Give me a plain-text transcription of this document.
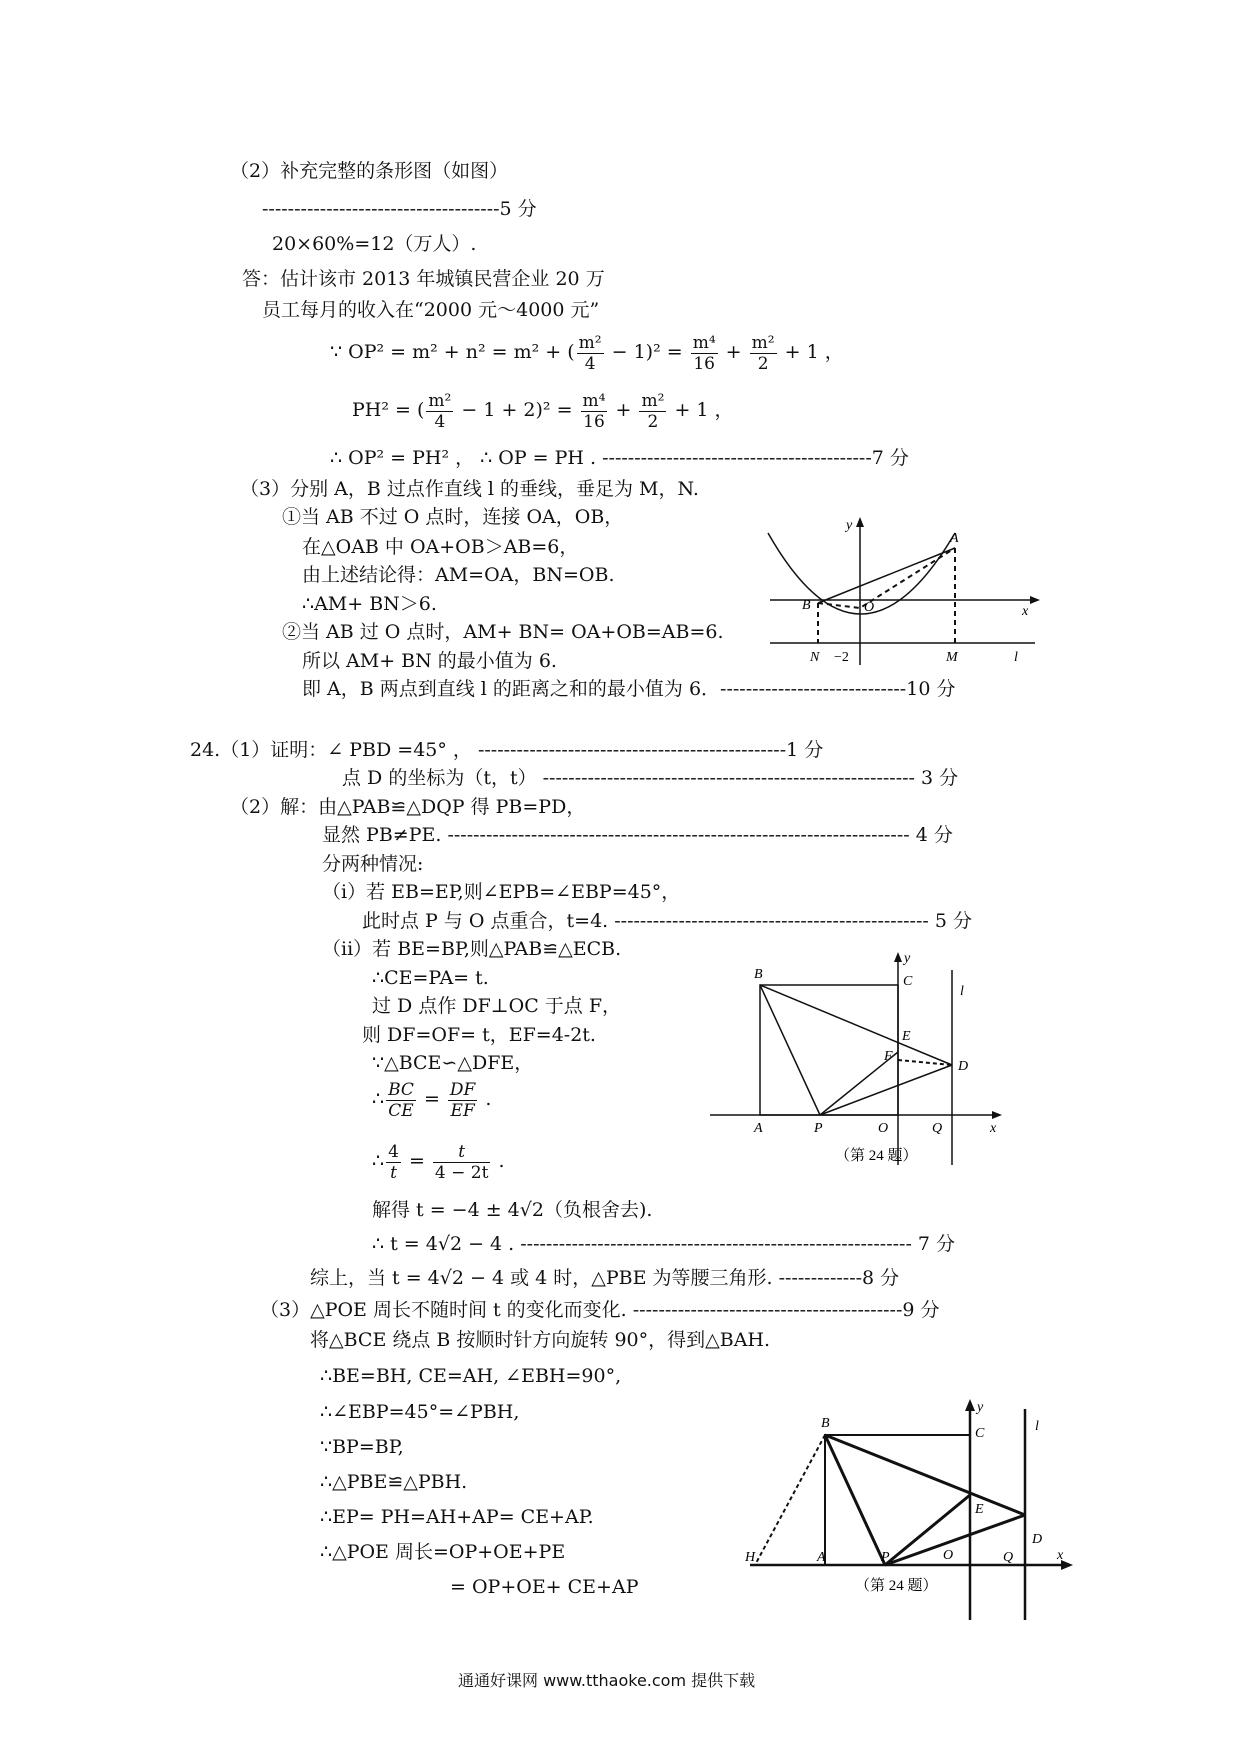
（2）补充完整的条形图（如图）
-------------------------------------5 分
20×60%=12（万人）.
答：估计该市 2013 年城镇民营企业 20 万
员工每月的收入在“2000 元～4000 元”
∵ OP² = m² + n² = m² + ( $\frac{\text{m²}}{4} - 1)^2 = \frac{\text{m⁴}}{16} + \frac{\text{m²}}{2} + 1$ ，
PH² = ( $\frac{\text{m²}}{4} - 1 + 2)^2 = \frac{\text{m⁴}}{16} + \frac{\text{m²}}{2} + 1$ ，
∴ OP² = PH² ， ∴ OP = PH . ------------------------------------------7 分
（3）分别 A，B 过点作直线 l 的垂线，垂足为 M，N.
①当 AB 不过 O 点时，连接 OA，OB，
在△OAB 中 OA+OB＞AB=6，
由上述结论得：AM=OA，BN=OB.
∴AM+ BN＞6.
②当 AB 过 O 点时，AM+ BN= OA+OB=AB=6.
所以 AM+ BN 的最小值为 6.
即 A，B 两点到直线 l 的距离之和的最小值为 6．-----------------------------10 分
24.（1）证明：∠ PBD =45° ， ------------------------------------------------1 分
点 D 的坐标为（t，t） ---------------------------------------------------------- 3 分
（2）解：由△PAB≌△DQP 得 PB=PD，
显然 PB≠PE. ------------------------------------------------------------------------ 4 分
分两种情况:
（i）若 EB=EP,则∠EPB=∠EBP=45°，
此时点 P 与 O 点重合，t=4. ------------------------------------------------- 5 分
（ii）若 BE=BP,则△PAB≌△ECB.
∴CE=PA= t.
过 D 点作 DF⊥OC 于点 F，
则 DF=OF= t，EF=4-2t.
∵△BCE∽△DFE，
∴ $\frac{BC}{CE} = \frac{DF}{EF}$ .
∴ $\frac{4}{t} = \frac{t}{4 - 2t}$ .
解得 t = −4 ± 4√2（负根舍去).
∴ t = 4√2 − 4 . ------------------------------------------------------------- 7 分
综上，当 t = 4√2 − 4 或 4 时，△PBE 为等腰三角形. -------------8 分
（3）△POE 周长不随时间 t 的变化而变化. ------------------------------------------9 分
将△BCE 绕点 B 按顺时针方向旋转 90°，得到△BAH.
∴BE=BH, CE=AH, ∠EBH=90°,
∴∠EBP=45°=∠PBH,
∵BP=BP,
∴△PBE≌△PBH.
∴EP= PH=AH+AP= CE+AP.
∴△POE 周长=OP+OE+PE
= OP+OE+ CE+AP
y
A
B	O	x
N −2	M	l
B
y
C
l
E
F
D
A	P	O	Q	x
（第 24 题）
B
y
C	l
E
D
H	A	P	O	Q	x
（第 24 题）
通通好课网 www.tthaoke.com 提供下载
